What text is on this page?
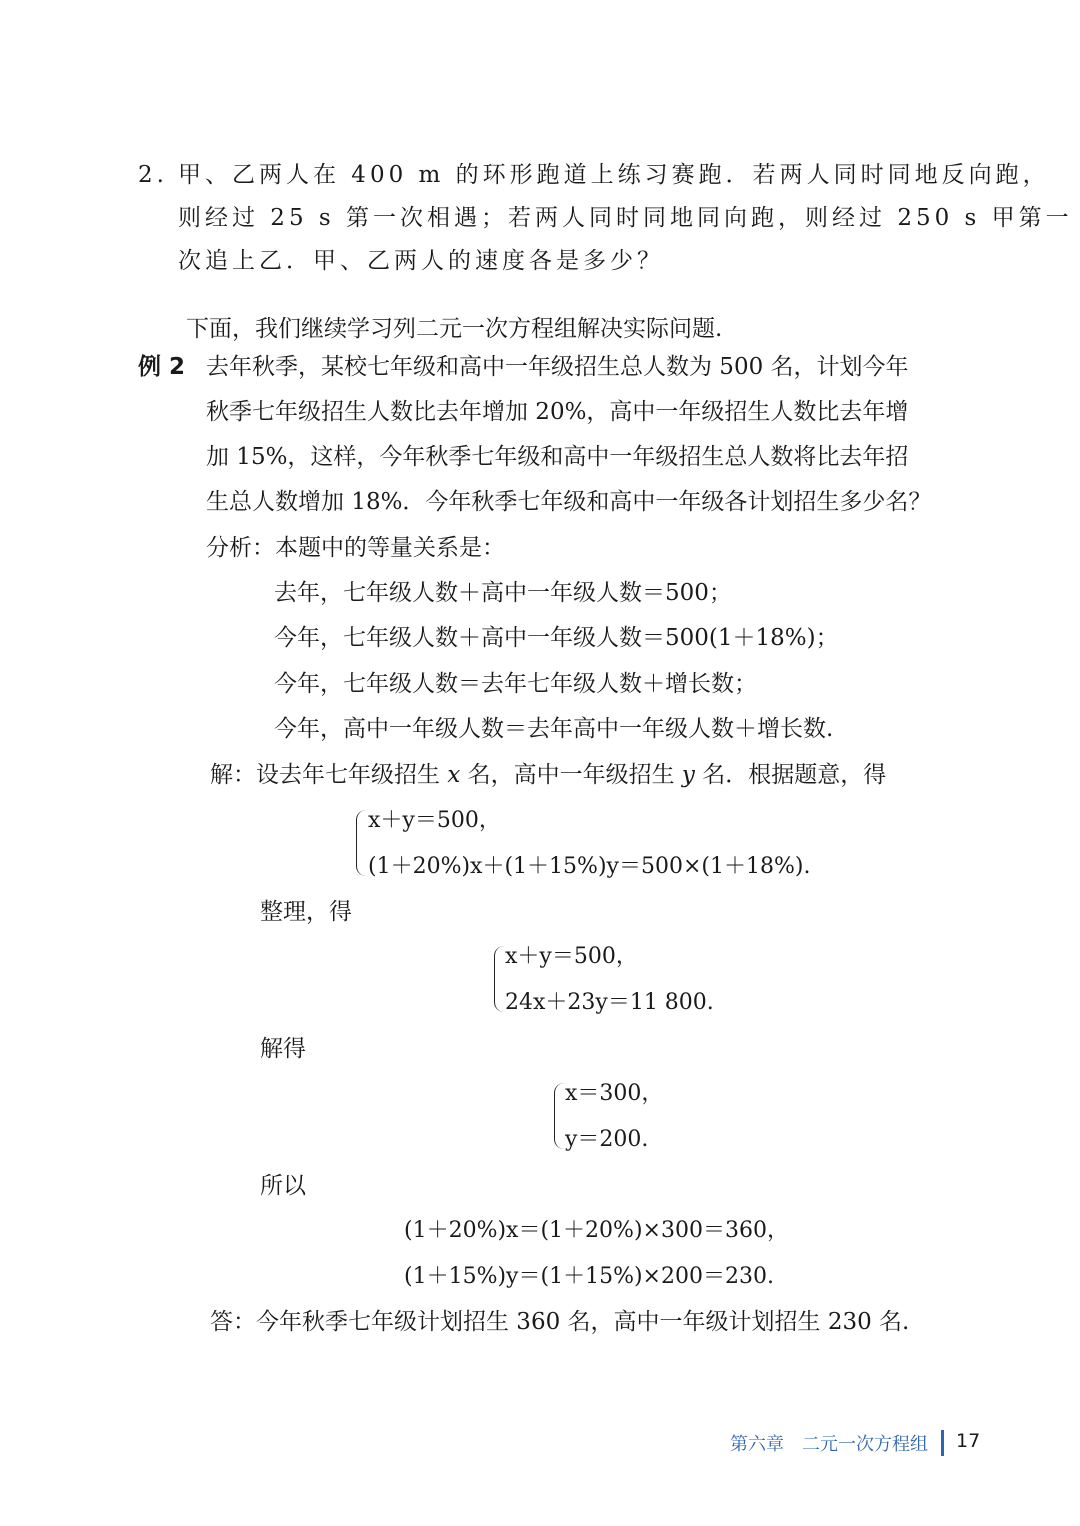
2. 甲、乙两人在 400 m 的环形跑道上练习赛跑．若两人同时同地反向跑，
则经过 25 s 第一次相遇；若两人同时同地同向跑，则经过 250 s 甲第一
次追上乙．甲、乙两人的速度各是多少？
下面，我们继续学习列二元一次方程组解决实际问题.
例 2 去年秋季，某校七年级和高中一年级招生总人数为 500 名，计划今年
秋季七年级招生人数比去年增加 20%，高中一年级招生人数比去年增
加 15%，这样，今年秋季七年级和高中一年级招生总人数将比去年招
生总人数增加 18%．今年秋季七年级和高中一年级各计划招生多少名？
分析：本题中的等量关系是：
去年，七年级人数＋高中一年级人数＝500；
今年，七年级人数＋高中一年级人数＝500(1＋18%)；
今年，七年级人数＝去年七年级人数＋增长数；
今年，高中一年级人数＝去年高中一年级人数＋增长数.
解：设去年七年级招生 x 名，高中一年级招生 y 名．根据题意，得
x＋y＝500，
(1＋20%)x＋(1＋15%)y＝500×(1＋18%).
整理，得
x＋y＝500，
24x＋23y＝11 800.
解得
x＝300，
y＝200.
所以
(1＋20%)x＝(1＋20%)×300＝360，
(1＋15%)y＝(1＋15%)×200＝230.
答：今年秋季七年级计划招生 360 名，高中一年级计划招生 230 名.
第六章　二元一次方程组 17
